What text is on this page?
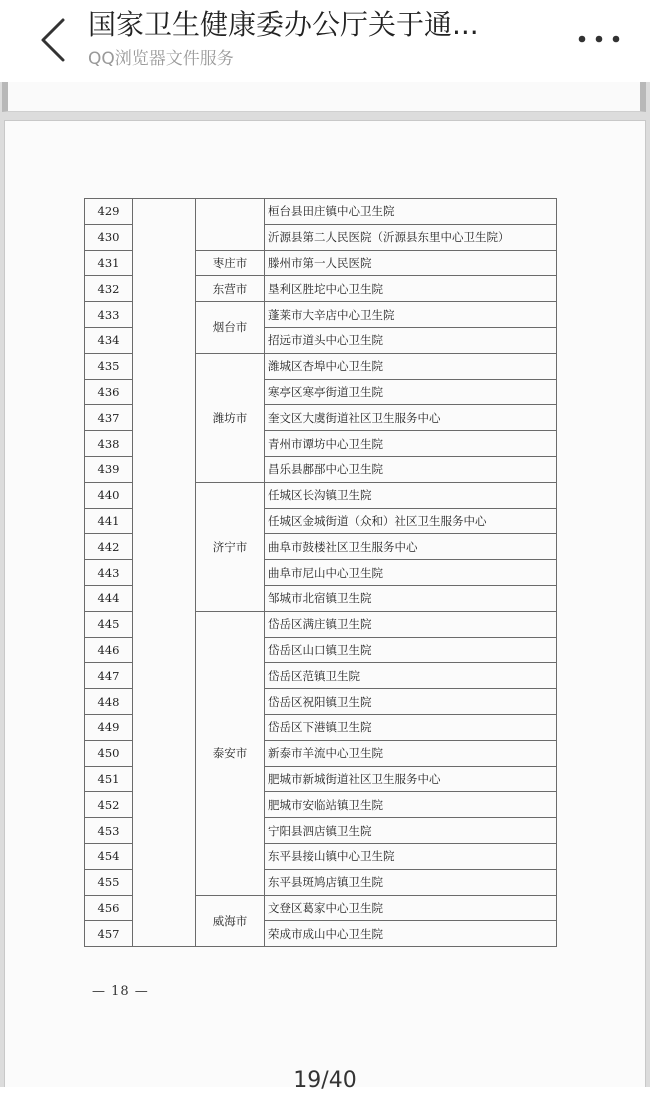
国家卫生健康委办公厅关于通...
QQ浏览器文件服务
429			桓台县田庄镇中心卫生院
430			沂源县第二人民医院（沂源县东里中心卫生院）
431		枣庄市	滕州市第一人民医院
432		东营市	垦利区胜坨中心卫生院
433		烟台市	蓬莱市大辛店中心卫生院
434			招远市道头中心卫生院
435		潍坊市	潍城区杏埠中心卫生院
436			寒亭区寒亭街道卫生院
437			奎文区大虞街道社区卫生服务中心
438			青州市谭坊中心卫生院
439			昌乐县鄌郚中心卫生院
440		济宁市	任城区长沟镇卫生院
441			任城区金城街道（众和）社区卫生服务中心
442			曲阜市鼓楼社区卫生服务中心
443			曲阜市尼山中心卫生院
444			邹城市北宿镇卫生院
445		泰安市	岱岳区满庄镇卫生院
446			岱岳区山口镇卫生院
447			岱岳区范镇卫生院
448			岱岳区祝阳镇卫生院
449			岱岳区下港镇卫生院
450			新泰市羊流中心卫生院
451			肥城市新城街道社区卫生服务中心
452			肥城市安临站镇卫生院
453			宁阳县泗店镇卫生院
454			东平县接山镇中心卫生院
455			东平县斑鸠店镇卫生院
456		威海市	文登区葛家中心卫生院
457			荣成市成山中心卫生院
— 18 —
19/40
